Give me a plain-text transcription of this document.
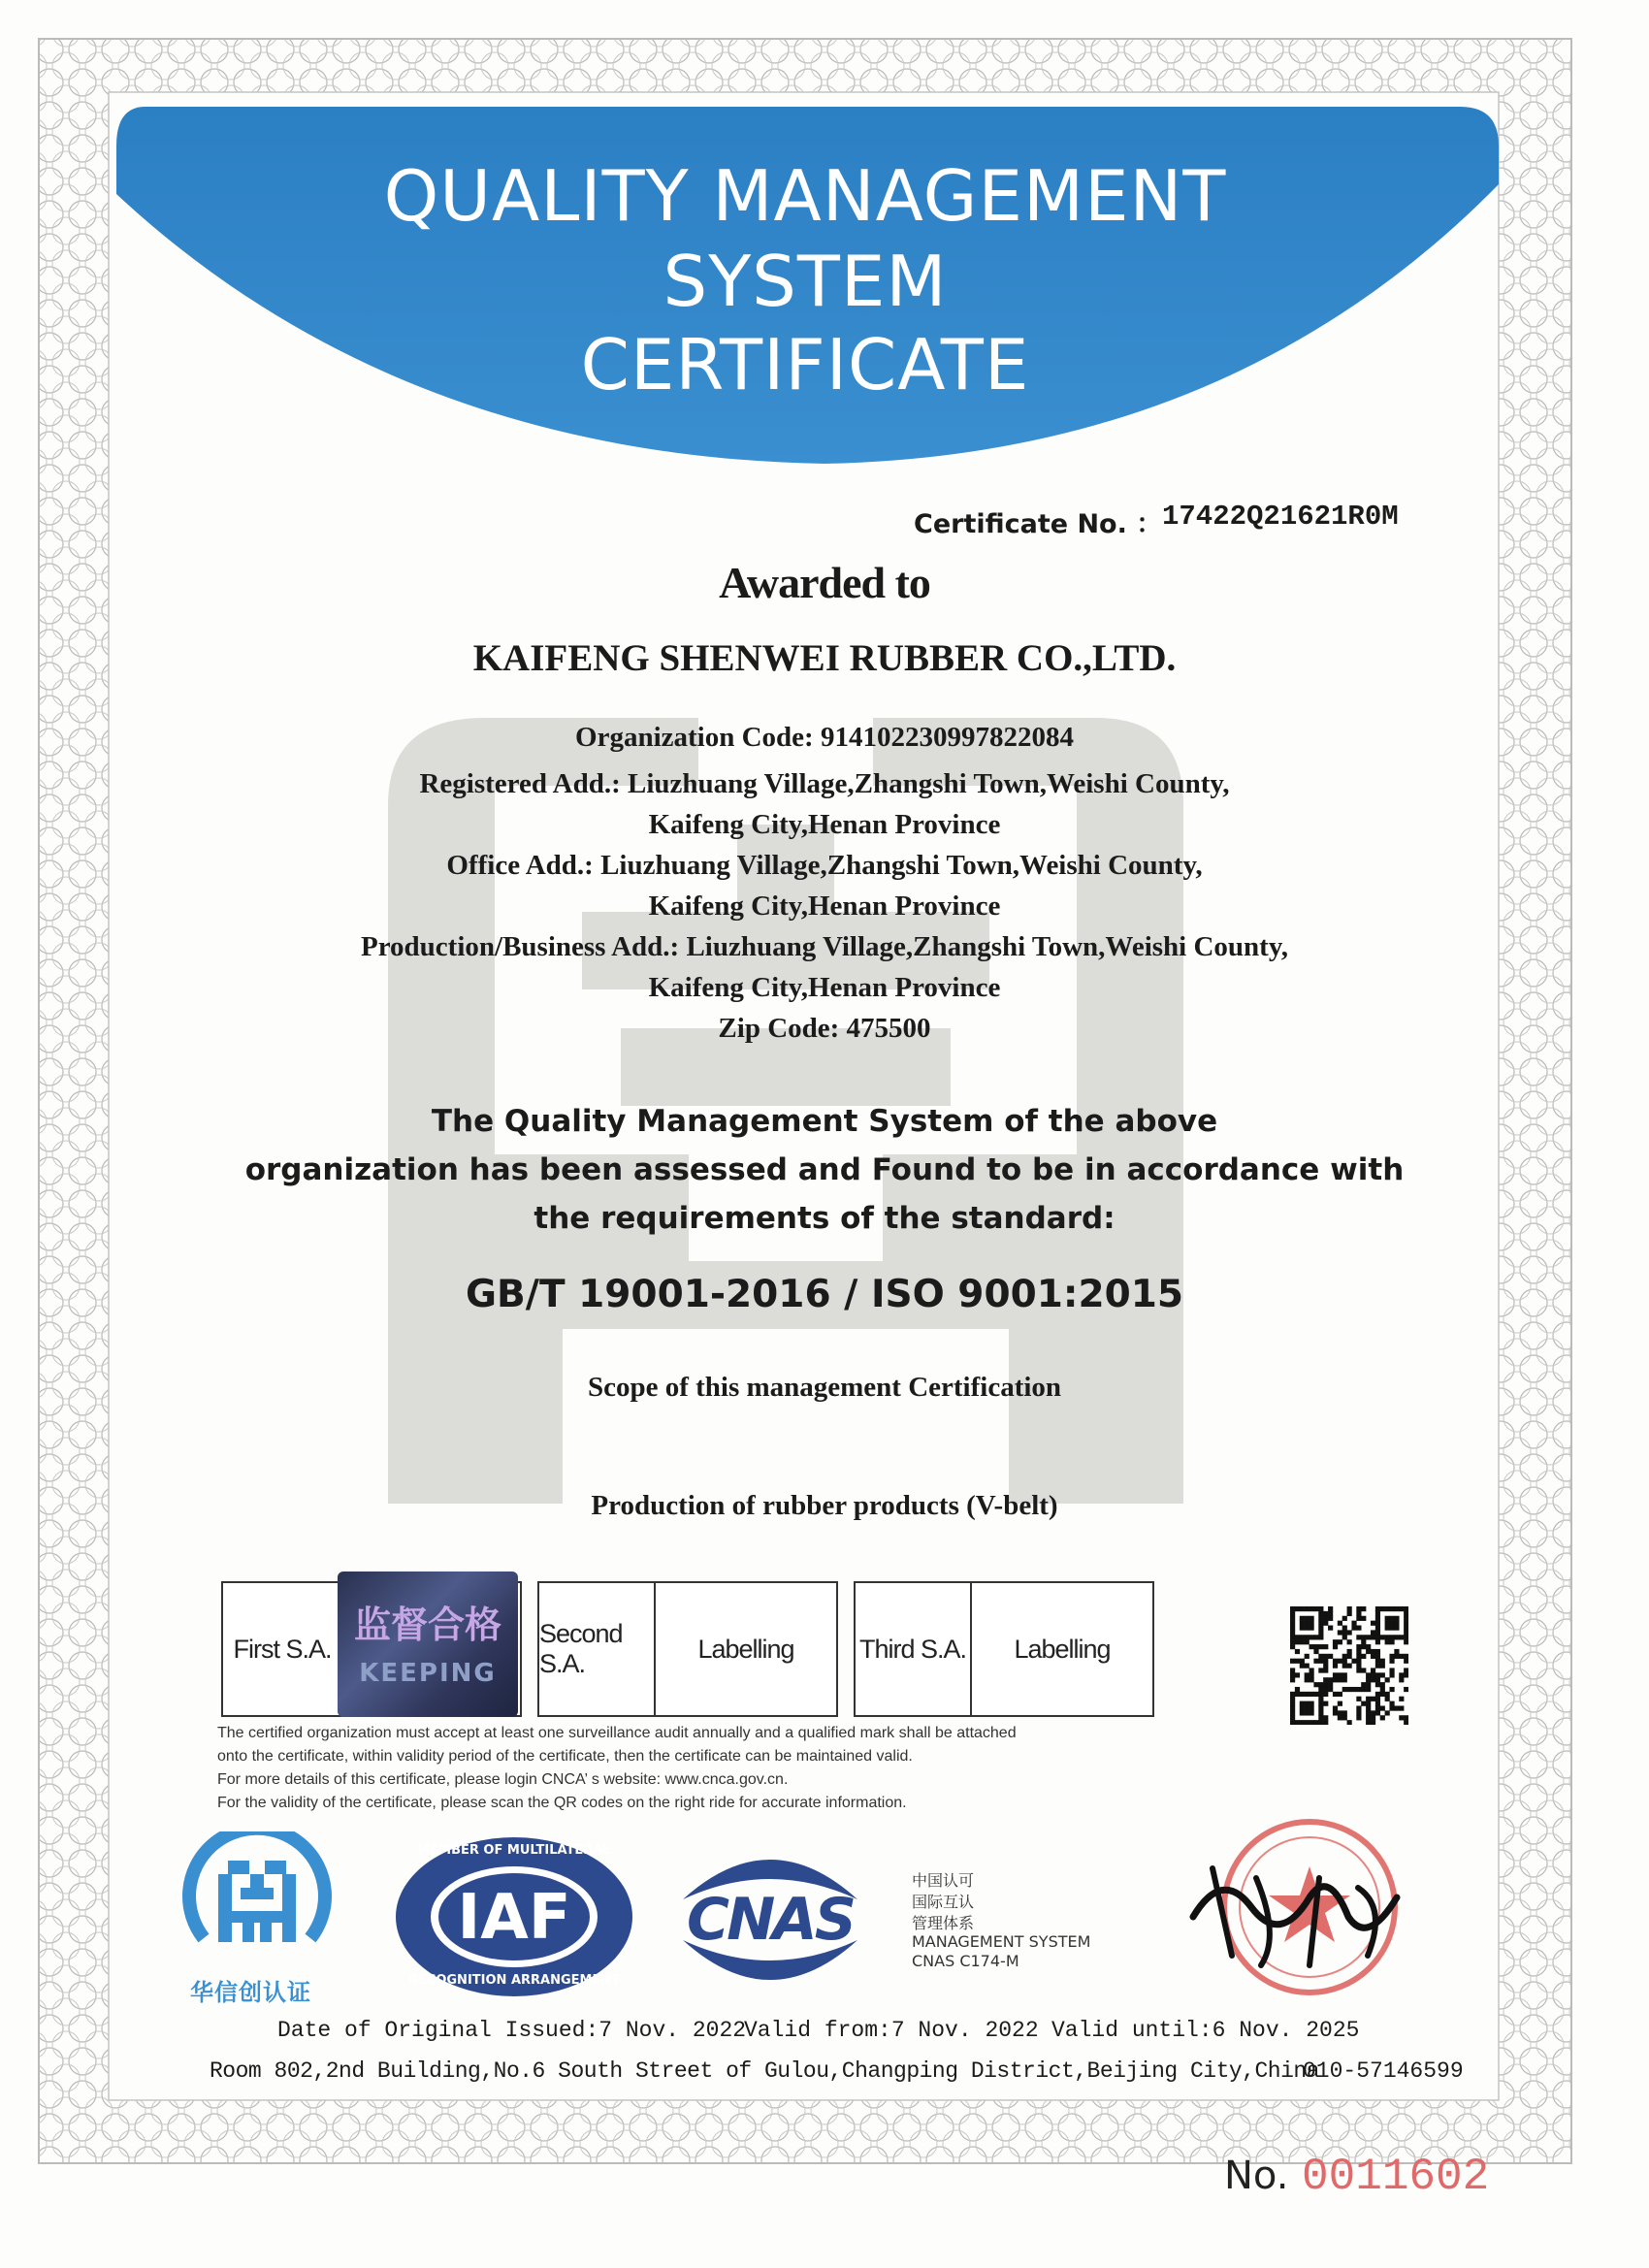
QUALITY MANAGEMENT
SYSTEM
CERTIFICATE
Certificate No. ： 17422Q21621R0M
Awarded to
KAIFENG SHENWEI RUBBER CO.,LTD.
Organization Code: 914102230997822084
Registered Add.: Liuzhuang Village,Zhangshi Town,Weishi County,
Kaifeng City,Henan Province
Office Add.: Liuzhuang Village,Zhangshi Town,Weishi County,
Kaifeng City,Henan Province
Production/Business Add.: Liuzhuang Village,Zhangshi Town,Weishi County,
Kaifeng City,Henan Province
Zip Code: 475500
The Quality Management System of the above
organization has been assessed and Found to be in accordance with
the requirements of the standard:
GB/T 19001-2016 / ISO 9001:2015
Scope of this management Certification
Production of rubber products (V-belt)
First S.A.
监督合格
KEEPING
Second S.A.
Labelling	Third S.A.	Labelling
The certified organization must accept at least one surveillance audit annually and a qualified mark shall be attached
onto the certificate, within validity period of the certificate, then the certificate can be maintained valid.
For more details of this certificate, please login CNCA’ s website: www.cnca.gov.cn.
For the validity of the certificate, please scan the QR codes on the right ride for accurate information.
华信创认证
IAF
MEMBER OF MULTILATERAL
RECOGNITION ARRANGEMENT
CNAS
中国认可
国际互认
管理体系
MANAGEMENT SYSTEM
CNAS C174-M
Date of Original Issued:7 Nov. 2022
Valid from:7 Nov. 2022 Valid until:6 Nov. 2025
Room 802,2nd Building,No.6 South Street of Gulou,Changping District,Beijing City,China
010-57146599
No. 0011602
